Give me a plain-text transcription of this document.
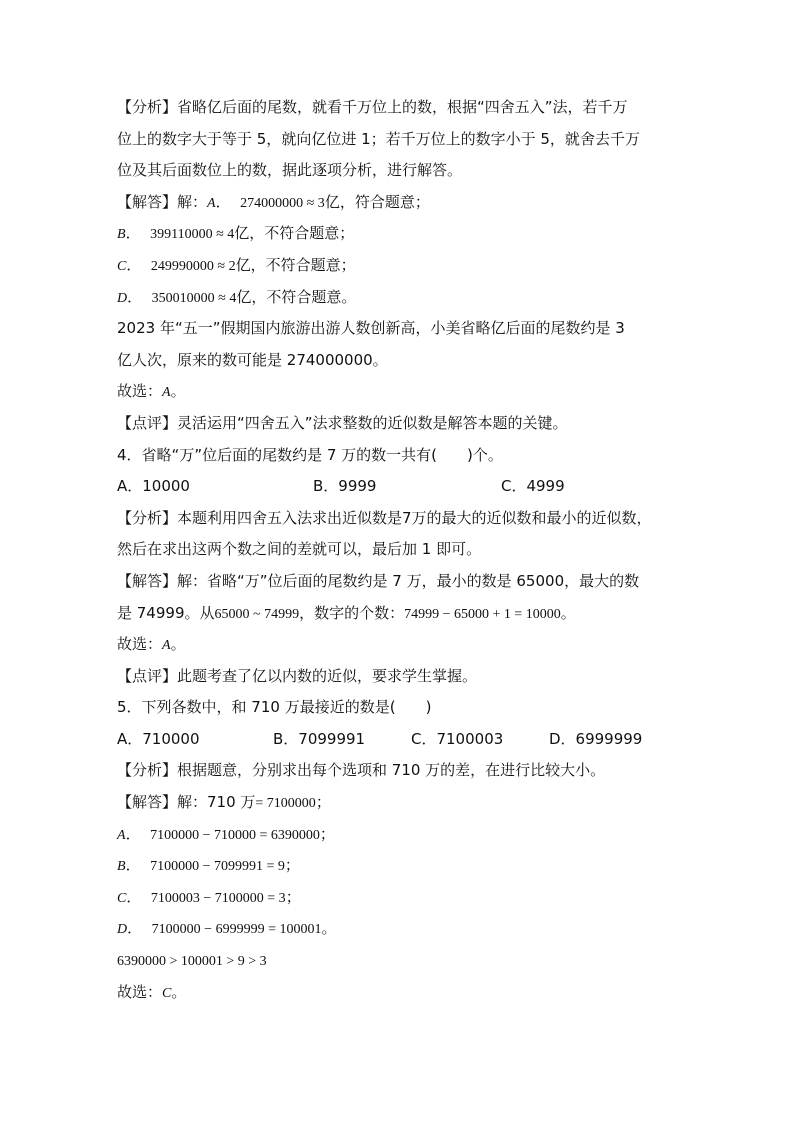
【分析】省略亿后面的尾数，就看千万位上的数，根据“四舍五入”法，若千万
位上的数字大于等于 5，就向亿位进 1；若千万位上的数字小于 5，就舍去千万
位及其后面数位上的数，据此逐项分析，进行解答。
【解答】解：A．  274000000 ≈ 3亿，符合题意；
B．  399110000 ≈ 4亿，不符合题意；
C．  249990000 ≈ 2亿，不符合题意；
D．  350010000 ≈ 4亿，不符合题意。
2023 年“五一”假期国内旅游出游人数创新高，小美省略亿后面的尾数约是 3
亿人次，原来的数可能是 274000000。
故选：A。
【点评】灵活运用“四舍五入”法求整数的近似数是解答本题的关键。
4．省略“万”位后面的尾数约是 7 万的数一共有( )个。
A．10000	B．9999	C．4999
【分析】本题利用四舍五入法求出近似数是7万的最大的近似数和最小的近似数，
然后在求出这两个数之间的差就可以，最后加 1 即可。
【解答】解：省略“万”位后面的尾数约是 7 万，最小的数是 65000，最大的数
是 74999。从65000 ~ 74999，数字的个数：74999 − 65000 + 1 = 10000。
故选：A。
【点评】此题考查了亿以内数的近似，要求学生掌握。
5．下列各数中，和 710 万最接近的数是( )
A．710000	B．7099991	C．7100003	D．6999999
【分析】根据题意，分别求出每个选项和 710 万的差，在进行比较大小。
【解答】解：710 万= 7100000；
A．  7100000 − 710000 = 6390000；
B．  7100000 − 7099991 = 9；
C．  7100003 − 7100000 = 3；
D．  7100000 − 6999999 = 100001。
6390000 > 100001 > 9 > 3
故选：C。
